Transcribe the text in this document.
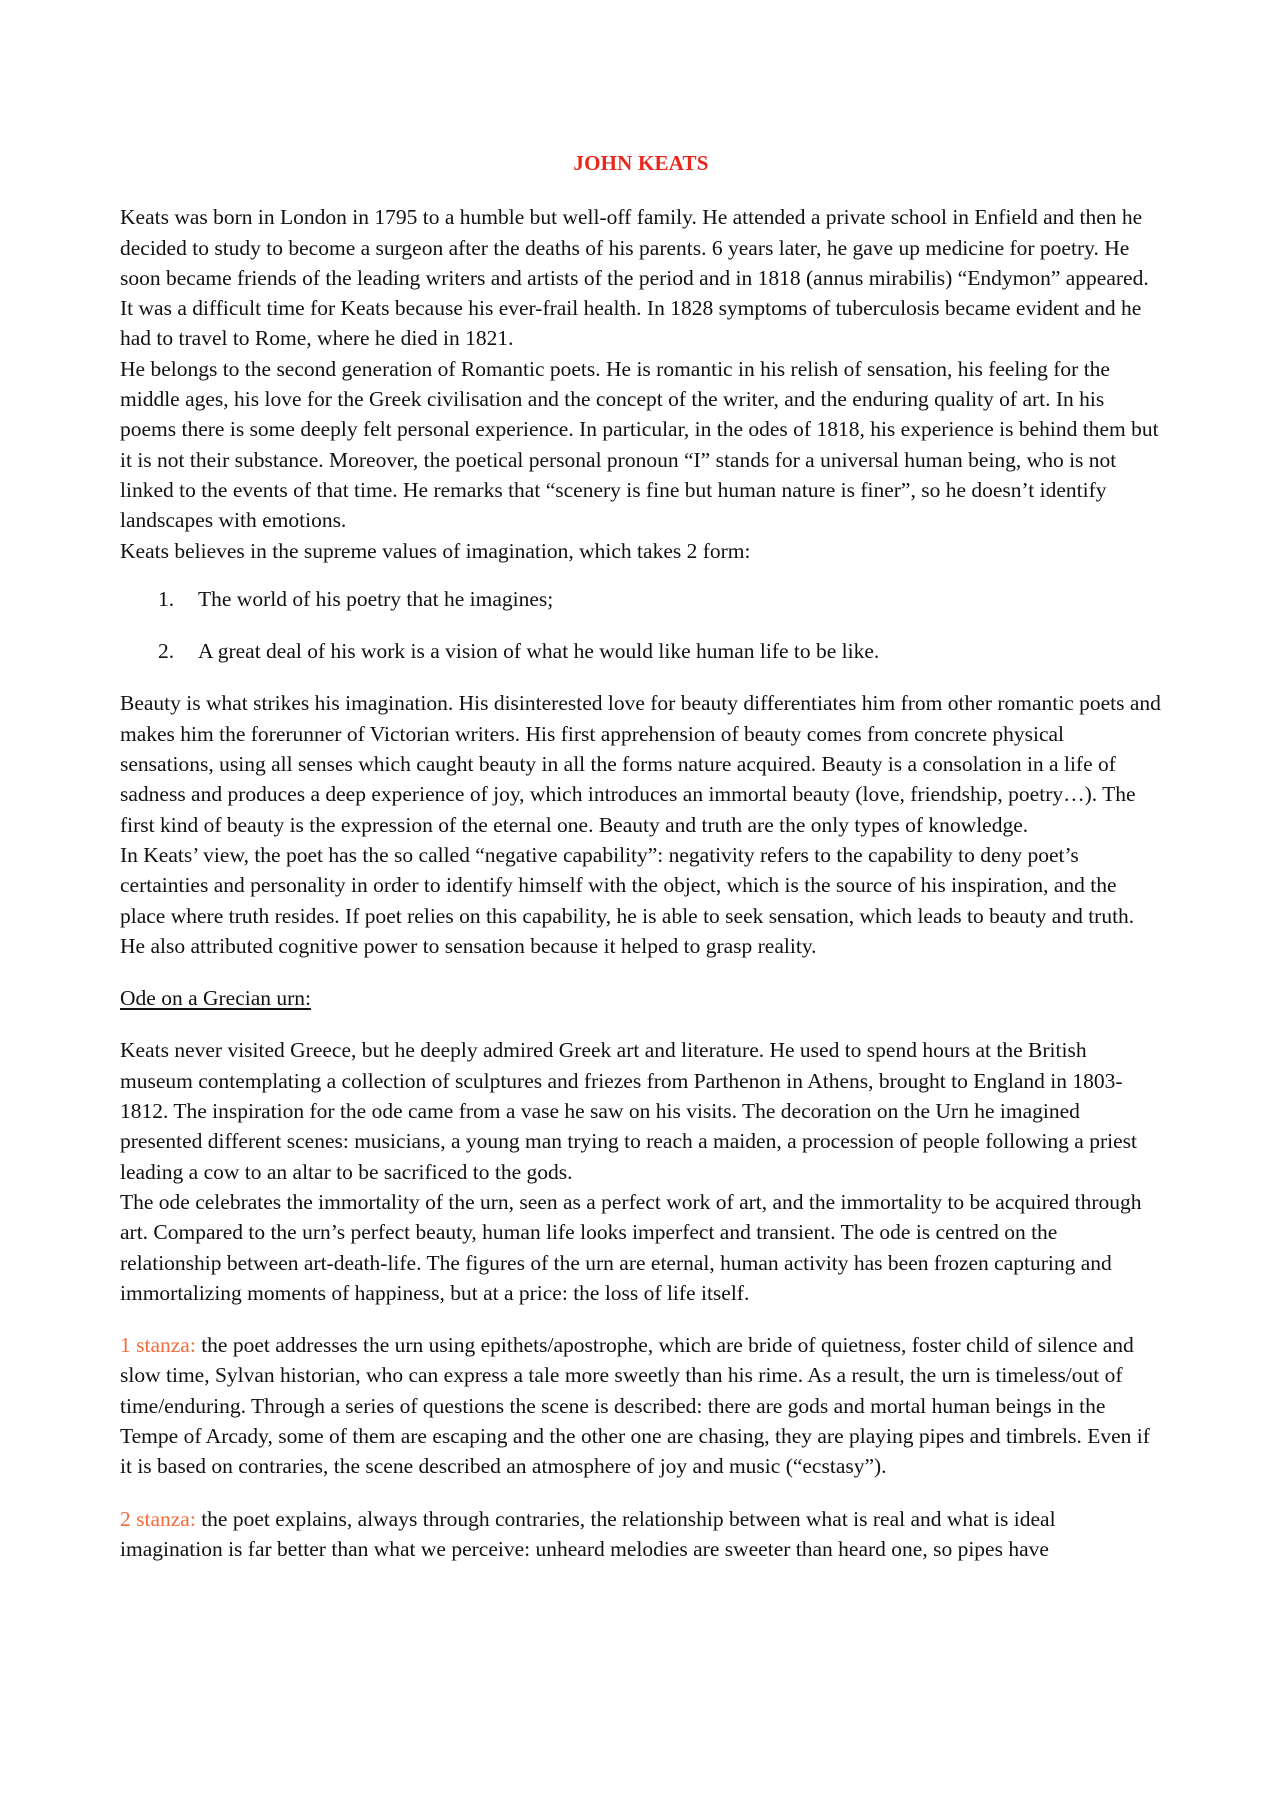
JOHN KEATS

Keats was born in London in 1795 to a humble but well-off family. He attended a private school in Enfield and then he decided to study to become a surgeon after the deaths of his parents. 6 years later, he gave up medicine for poetry. He soon became friends of the leading writers and artists of the period and in 1818 (annus mirabilis) “Endymon” appeared. It was a difficult time for Keats because his ever-frail health. In 1828 symptoms of tuberculosis became evident and he had to travel to Rome, where he died in 1821.

He belongs to the second generation of Romantic poets. He is romantic in his relish of sensation, his feeling for the middle ages, his love for the Greek civilisation and the concept of the writer, and the enduring quality of art. In his poems there is some deeply felt personal experience. In particular, in the odes of 1818, his experience is behind them but it is not their substance. Moreover, the poetical personal pronoun “I” stands for a universal human being, who is not linked to the events of that time. He remarks that “scenery is fine but human nature is finer”, so he doesn’t identify landscapes with emotions.

Keats believes in the supreme values of imagination, which takes 2 form:

1. The world of his poetry that he imagines;
2. A great deal of his work is a vision of what he would like human life to be like.

Beauty is what strikes his imagination. His disinterested love for beauty differentiates him from other romantic poets and makes him the forerunner of Victorian writers. His first apprehension of beauty comes from concrete physical sensations, using all senses which caught beauty in all the forms nature acquired. Beauty is a consolation in a life of sadness and produces a deep experience of joy, which introduces an immortal beauty (love, friendship, poetry…). The first kind of beauty is the expression of the eternal one. Beauty and truth are the only types of knowledge.

In Keats’ view, the poet has the so called “negative capability”: negativity refers to the capability to deny poet’s certainties and personality in order to identify himself with the object, which is the source of his inspiration, and the place where truth resides. If poet relies on this capability, he is able to seek sensation, which leads to beauty and truth. He also attributed cognitive power to sensation because it helped to grasp reality.

Ode on a Grecian urn:

Keats never visited Greece, but he deeply admired Greek art and literature. He used to spend hours at the British museum contemplating a collection of sculptures and friezes from Parthenon in Athens, brought to England in 1803-1812. The inspiration for the ode came from a vase he saw on his visits. The decoration on the Urn he imagined presented different scenes: musicians, a young man trying to reach a maiden, a procession of people following a priest leading a cow to an altar to be sacrificed to the gods.

The ode celebrates the immortality of the urn, seen as a perfect work of art, and the immortality to be acquired through art. Compared to the urn’s perfect beauty, human life looks imperfect and transient. The ode is centred on the relationship between art-death-life. The figures of the urn are eternal, human activity has been frozen capturing and immortalizing moments of happiness, but at a price: the loss of life itself.

1 stanza: the poet addresses the urn using epithets/apostrophe, which are bride of quietness, foster child of silence and slow time, Sylvan historian, who can express a tale more sweetly than his rime. As a result, the urn is timeless/out of time/enduring. Through a series of questions the scene is described: there are gods and mortal human beings in the Tempe of Arcady, some of them are escaping and the other one are chasing, they are playing pipes and timbrels. Even if it is based on contraries, the scene described an atmosphere of joy and music (“ecstasy”).

2 stanza: the poet explains, always through contraries, the relationship between what is real and what is ideal imagination is far better than what we perceive: unheard melodies are sweeter than heard one, so pipes have
